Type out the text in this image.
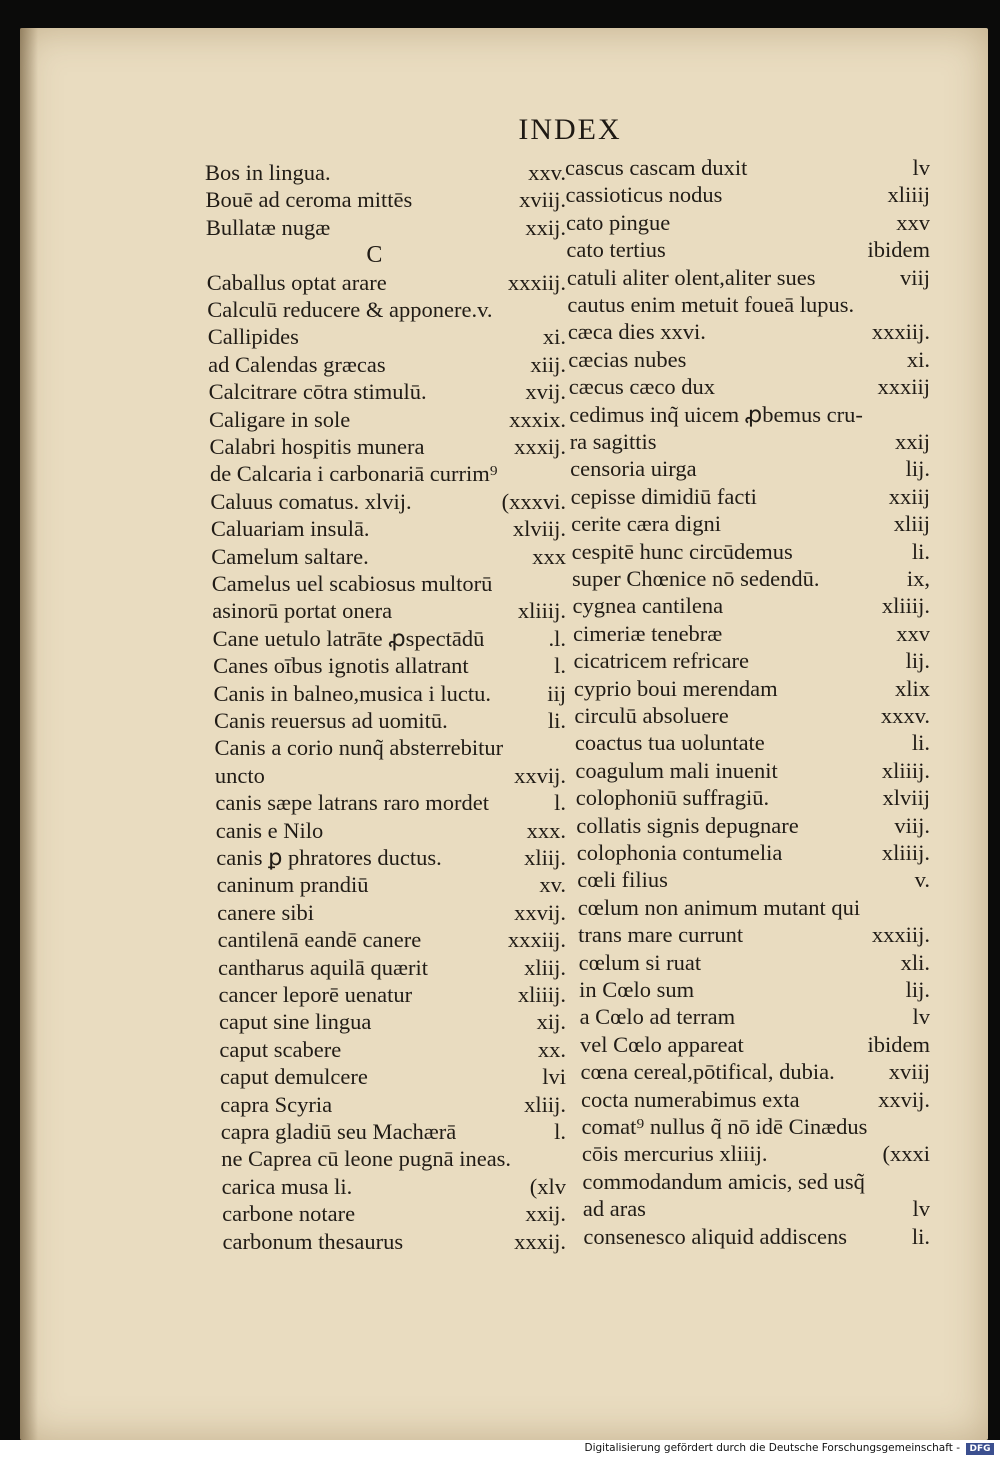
INDEX
Bos in lingua.	xxv.
Bouē ad ceroma mittēs	xviij.
Bullatæ nugæ	xxij.
C
Caballus optat arare	xxxiij.
Calculū reducere & apponere.v.
Callipides	xi.
ad Calendas græcas	xiij.
Calcitrare cōtra stimulū.	xvij.
Caligare in sole	xxxix.
Calabri hospitis munera	xxxij.
de Calcaria i carbonariā currim⁹
Caluus comatus. xlvij.	(xxxvi.
Caluariam insulā.	xlviij.
Camelum saltare.	xxx
Camelus uel scabiosus multorū
asinorū portat onera	xliiij.
Cane uetulo latrāte ꝓspectādū	.l.
Canes oībus ignotis allatrant	l.
Canis in balneo,musica i luctu. iij
Canis reuersus ad uomitū.	li.
Canis a corio nunq̃ absterrebitur
uncto	xxvij.
canis sæpe latrans raro mordet	l.
canis e Nilo	xxx.
canis ꝑ phratores ductus.	xliij.
caninum prandiū	xv.
canere sibi	xxvij.
cantilenā eandē canere	xxxiij.
cantharus aquilā quærit	xliij.
cancer leporē uenatur	xliiij.
caput sine lingua	xij.
caput scabere	xx.
caput demulcere	lvi
capra Scyria	xliij.
capra gladiū seu Machærā	l.
ne Caprea cū leone pugnā ineas.
carica musa li.	(xlv
carbone notare	xxij.
carbonum thesaurus	xxxij.
cascus cascam duxit	lv
cassioticus nodus	xliiij
cato pingue	xxv
cato tertius	ibidem
catuli aliter olent,aliter sues	viij
cautus enim metuit foueā lupus.
cæca dies xxvi.	xxxiij.
cæcias nubes	xi.
cæcus cæco dux	xxxiij
cedimus inq̃ uicem ꝓbemus cru-
ra sagittis	xxij
censoria uirga	lij.
cepisse dimidiū facti	xxiij
cerite cæra digni	xliij
cespitē hunc circūdemus	li.
super Chœnice nō sedendū.	ix,
cygnea cantilena	xliiij.
cimeriæ tenebræ	xxv
cicatricem refricare	lij.
cyprio boui merendam	xlix
circulū absoluere	xxxv.
coactus tua uoluntate	li.
coagulum mali inuenit	xliiij.
colophoniū suffragiū.	xlviij
collatis signis depugnare	viij.
colophonia contumelia	xliiij.
cœli filius	v.
cœlum non animum mutant qui
trans mare currunt	xxxiij.
cœlum si ruat	xli.
in Cœlo sum	lij.
a Cœlo ad terram	lv
vel Cœlo appareat	ibidem
cœna cereal,pōtifical, dubia. xviij
cocta numerabimus exta	xxvij.
comat⁹ nullus q̃ nō idē Cinædus
cōis mercurius xliiij.	(xxxi
commodandum amicis, sed usq̃
ad aras	lv
consenesco aliquid addiscens	li.
Digitalisierung gefördert durch die Deutsche Forschungsgemeinschaft -	DFG
